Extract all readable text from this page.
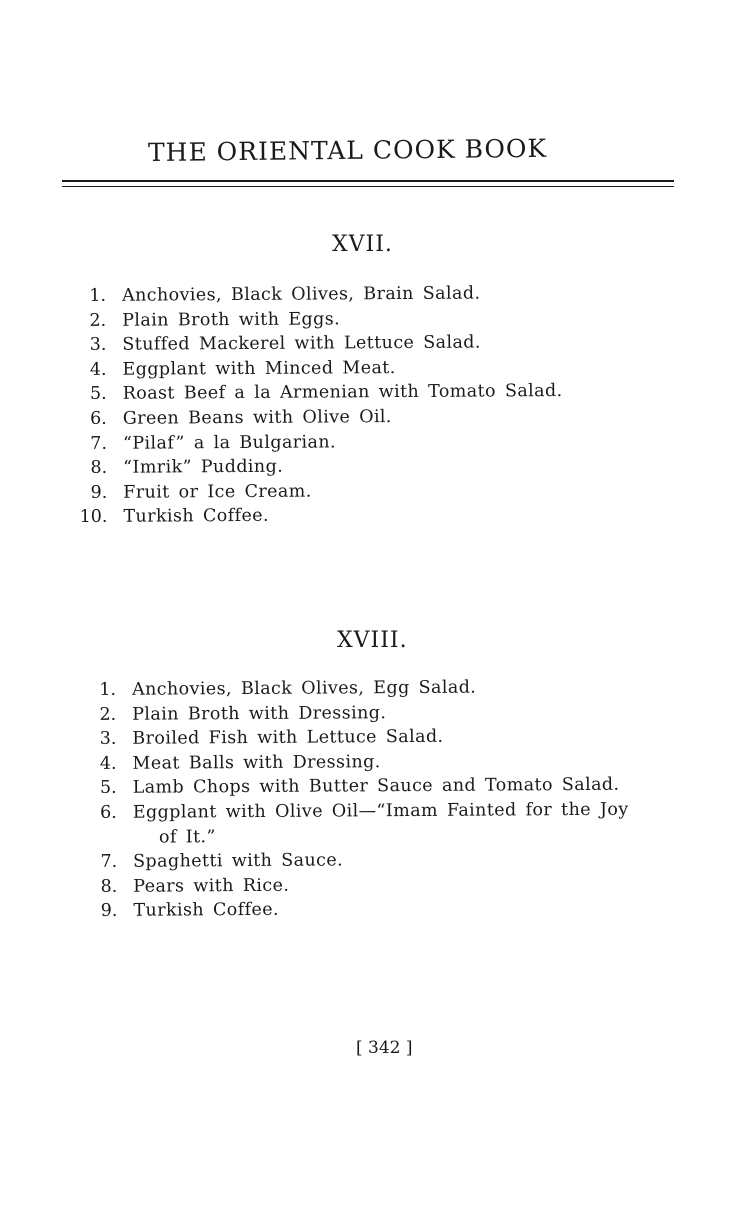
THE ORIENTAL COOK BOOK
XVII.
1. Anchovies, Black Olives, Brain Salad.
2. Plain Broth with Eggs.
3. Stuffed Mackerel with Lettuce Salad.
4. Eggplant with Minced Meat.
5. Roast Beef a la Armenian with Tomato Salad.
6. Green Beans with Olive Oil.
7. “Pilaf” a la Bulgarian.
8. “Imrik” Pudding.
9. Fruit or Ice Cream.
10. Turkish Coffee.
XVIII.
1. Anchovies, Black Olives, Egg Salad.
2. Plain Broth with Dressing.
3. Broiled Fish with Lettuce Salad.
4. Meat Balls with Dressing.
5. Lamb Chops with Butter Sauce and Tomato Salad.
6. Eggplant with Olive Oil—“Imam Fainted for the Joy
of It.”
7. Spaghetti with Sauce.
8. Pears with Rice.
9. Turkish Coffee.
[ 342 ]
